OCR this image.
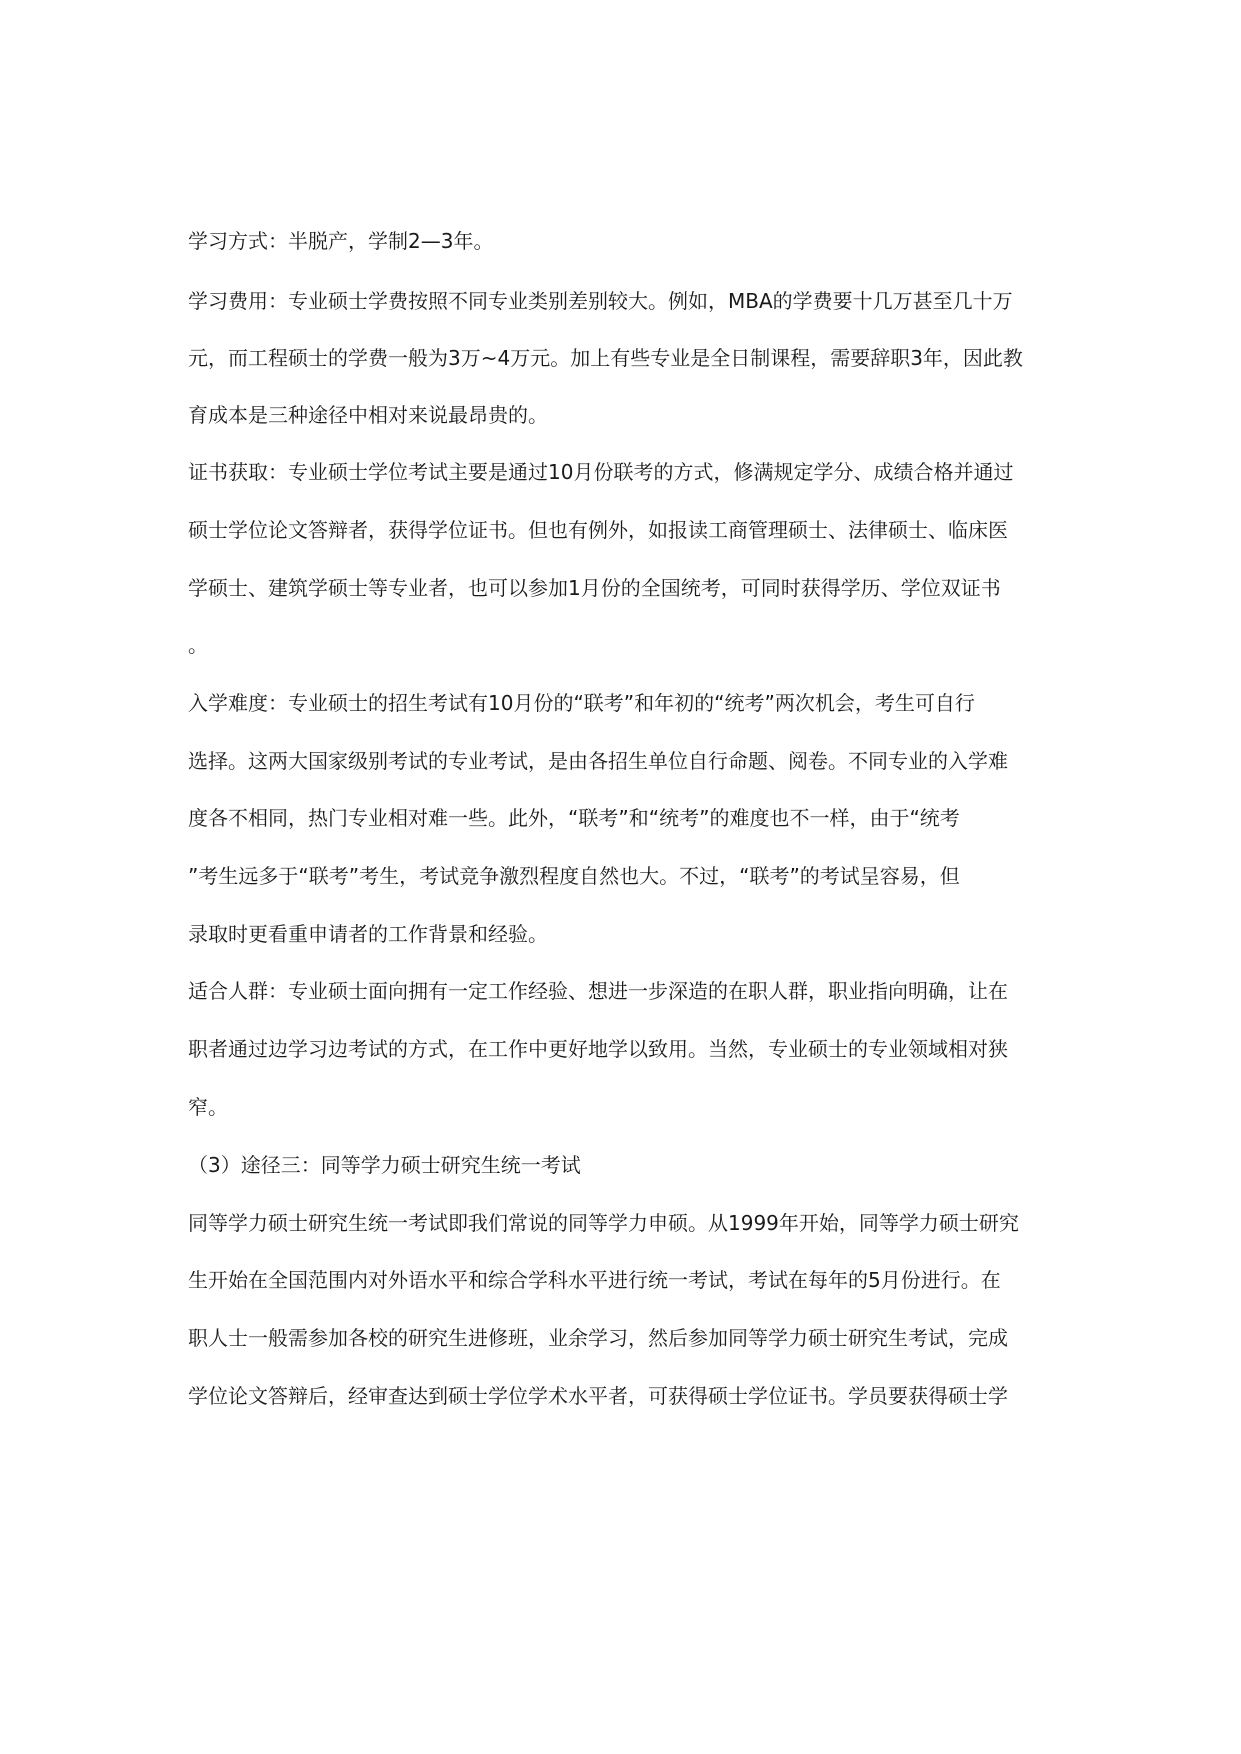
学习方式：半脱产，学制2—3年。
学习费用：专业硕士学费按照不同专业类别差别较大。例如，MBA的学费要十几万甚至几十万
元，而工程硕士的学费一般为3万~4万元。加上有些专业是全日制课程，需要辞职3年，因此教
育成本是三种途径中相对来说最昂贵的。
证书获取：专业硕士学位考试主要是通过10月份联考的方式，修满规定学分、成绩合格并通过
硕士学位论文答辩者，获得学位证书。但也有例外，如报读工商管理硕士、法律硕士、临床医
学硕士、建筑学硕士等专业者，也可以参加1月份的全国统考，可同时获得学历、学位双证书
。
入学难度：专业硕士的招生考试有10月份的“联考”和年初的“统考”两次机会，考生可自行
选择。这两大国家级别考试的专业考试，是由各招生单位自行命题、阅卷。不同专业的入学难
度各不相同，热门专业相对难一些。此外，“联考”和“统考”的难度也不一样，由于“统考
”考生远多于“联考”考生，考试竞争激烈程度自然也大。不过，“联考”的考试呈容易，但
录取时更看重申请者的工作背景和经验。
适合人群：专业硕士面向拥有一定工作经验、想进一步深造的在职人群，职业指向明确，让在
职者通过边学习边考试的方式，在工作中更好地学以致用。当然，专业硕士的专业领域相对狭
窄。
（3）途径三：同等学力硕士研究生统一考试
同等学力硕士研究生统一考试即我们常说的同等学力申硕。从1999年开始，同等学力硕士研究
生开始在全国范围内对外语水平和综合学科水平进行统一考试，考试在每年的5月份进行。在
职人士一般需参加各校的研究生进修班，业余学习，然后参加同等学力硕士研究生考试，完成
学位论文答辩后，经审查达到硕士学位学术水平者，可获得硕士学位证书。学员要获得硕士学
